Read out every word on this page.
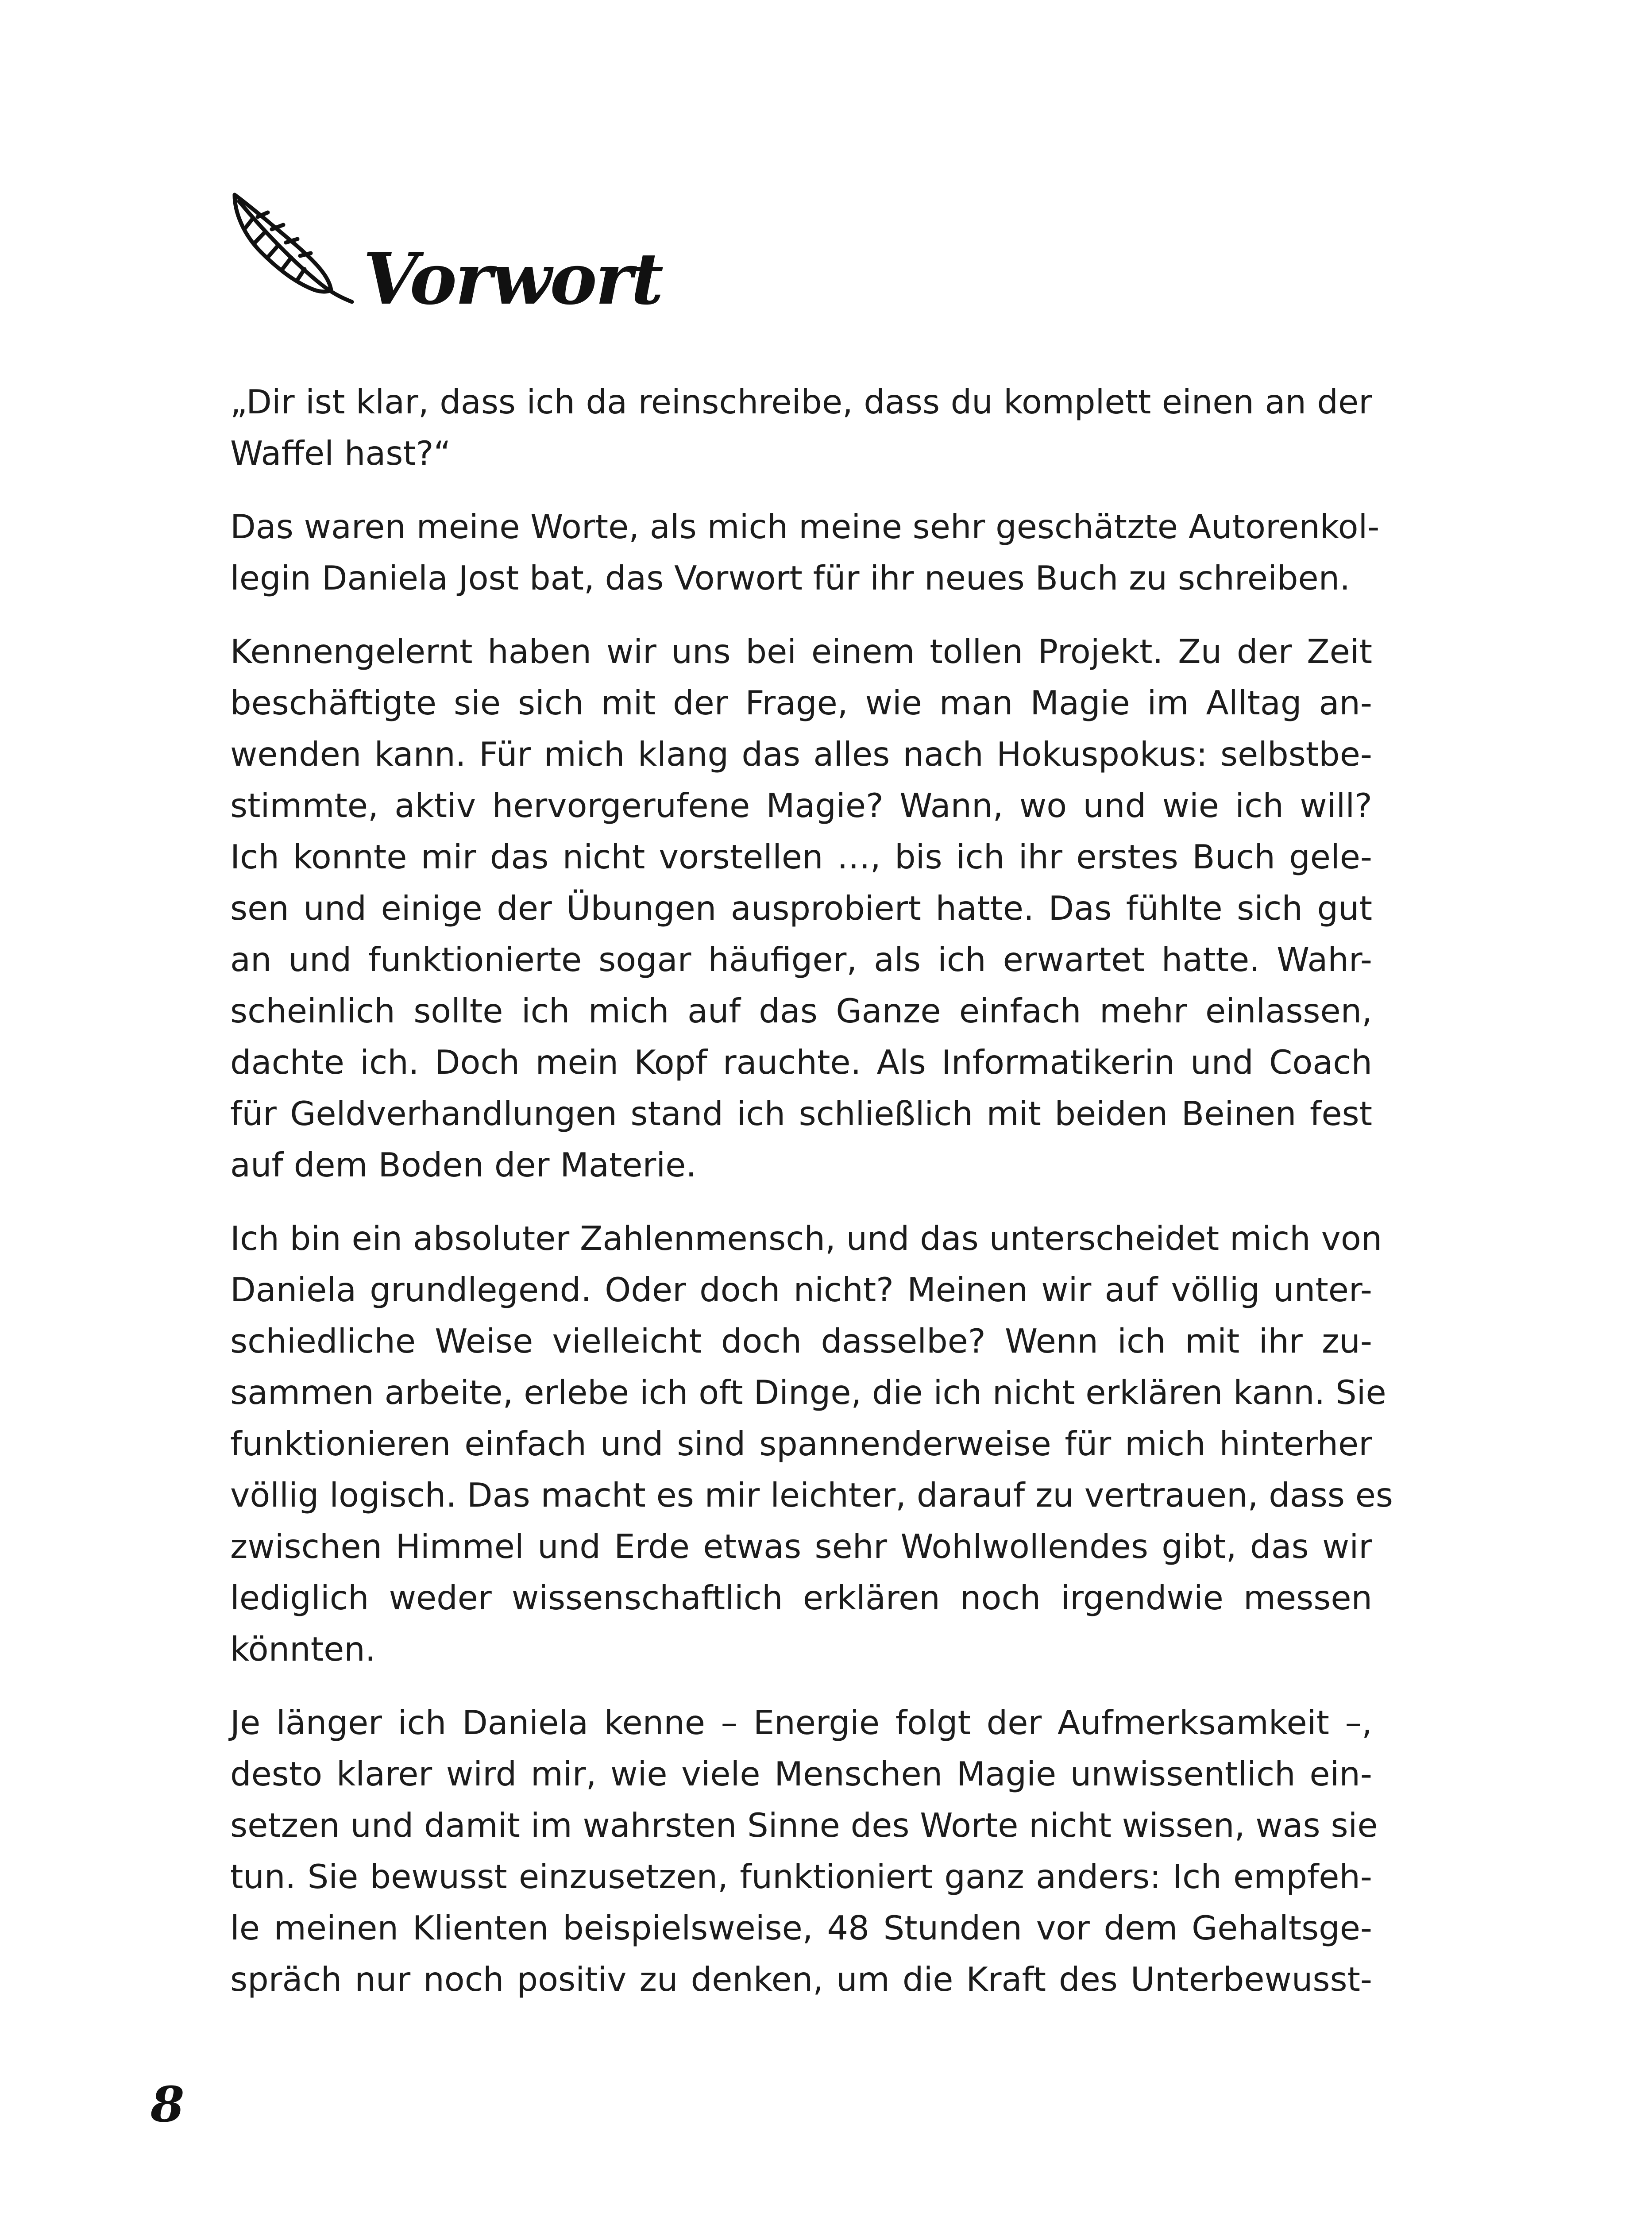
Vorwort
„Dir ist klar, dass ich da reinschreibe, dass du komplett einen an der
Waffel hast?“
Das waren meine Worte, als mich meine sehr geschätzte Autorenkol-
legin Daniela Jost bat, das Vorwort für ihr neues Buch zu schreiben.
Kennengelernt haben wir uns bei einem tollen Projekt. Zu der Zeit
beschäftigte sie sich mit der Frage, wie man Magie im Alltag an-
wenden kann. Für mich klang das alles nach Hokuspokus: selbstbe-
stimmte, aktiv hervorgerufene Magie? Wann, wo und wie ich will?
Ich konnte mir das nicht vorstellen …, bis ich ihr erstes Buch gele-
sen und einige der Übungen ausprobiert hatte. Das fühlte sich gut
an und funktionierte sogar häufiger, als ich erwartet hatte. Wahr-
scheinlich sollte ich mich auf das Ganze einfach mehr einlassen,
dachte ich. Doch mein Kopf rauchte. Als Informatikerin und Coach
für Geldverhandlungen stand ich schließlich mit beiden Beinen fest
auf dem Boden der Materie.
Ich bin ein absoluter Zahlenmensch, und das unterscheidet mich von
Daniela grundlegend. Oder doch nicht? Meinen wir auf völlig unter-
schiedliche Weise vielleicht doch dasselbe? Wenn ich mit ihr zu-
sammen arbeite, erlebe ich oft Dinge, die ich nicht erklären kann. Sie
funktionieren einfach und sind spannenderweise für mich hinterher
völlig logisch. Das macht es mir leichter, darauf zu vertrauen, dass es
zwischen Himmel und Erde etwas sehr Wohlwollendes gibt, das wir
lediglich weder wissenschaftlich erklären noch irgendwie messen
könnten.
Je länger ich Daniela kenne – Energie folgt der Aufmerksamkeit –,
desto klarer wird mir, wie viele Menschen Magie unwissentlich ein-
setzen und damit im wahrsten Sinne des Worte nicht wissen, was sie
tun. Sie bewusst einzusetzen, funktioniert ganz anders: Ich empfeh-
le meinen Klienten beispielsweise, 48 Stunden vor dem Gehaltsge-
spräch nur noch positiv zu denken, um die Kraft des Unterbewusst-
8
